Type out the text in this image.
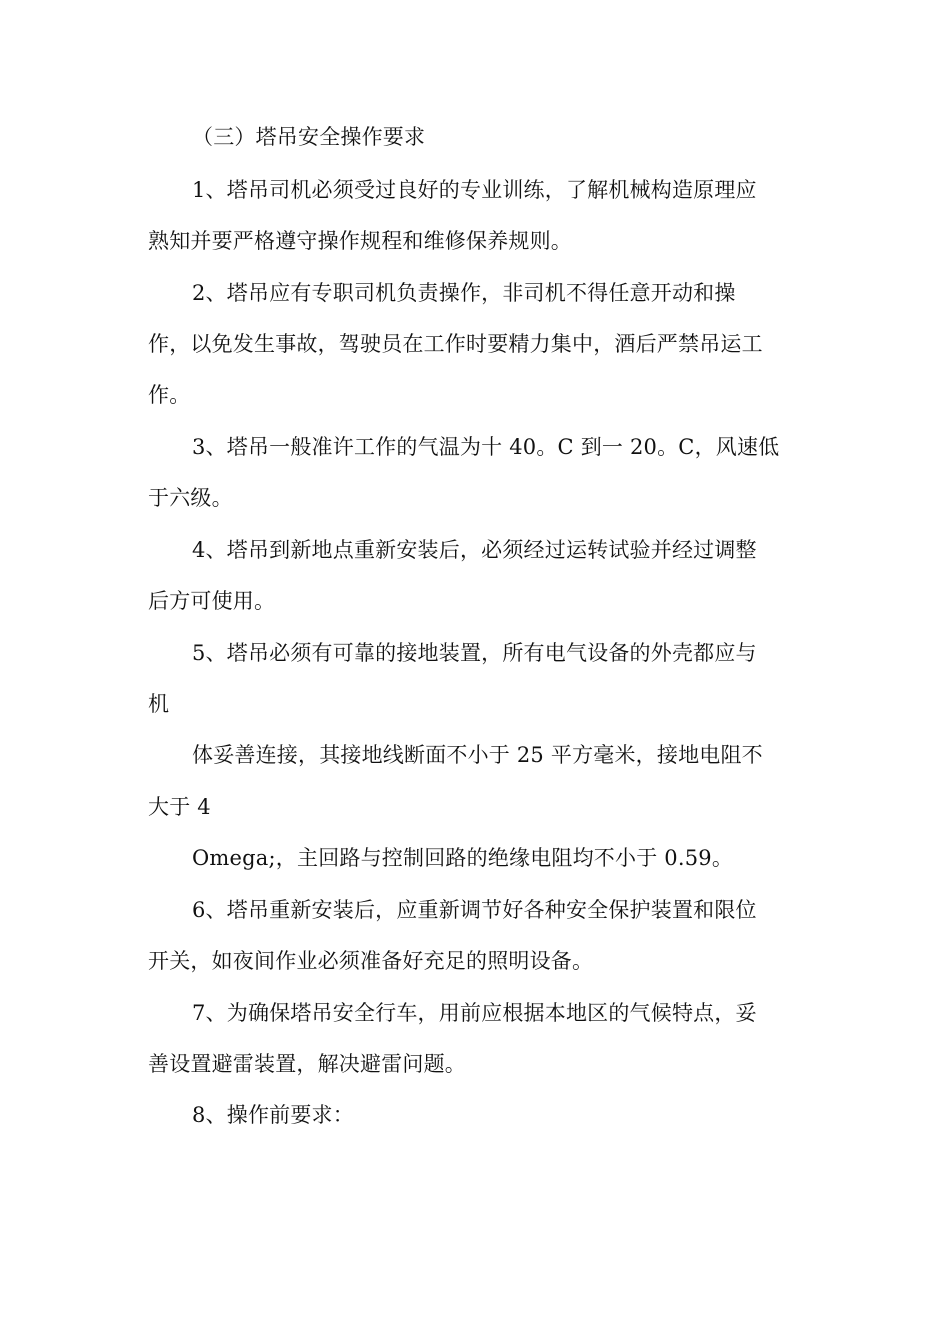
（三）塔吊安全操作要求

1、塔吊司机必须受过良好的专业训练，了解机械构造原理应

熟知并要严格遵守操作规程和维修保养规则。

2、塔吊应有专职司机负责操作，非司机不得任意开动和操

作，以免发生事故，驾驶员在工作时要精力集中，酒后严禁吊运工

作。

3、塔吊一般准许工作的气温为十 40。C 到一 20。C，风速低

于六级。

4、塔吊到新地点重新安装后，必须经过运转试验并经过调整

后方可使用。

5、塔吊必须有可靠的接地装置，所有电气设备的外壳都应与

机

体妥善连接，其接地线断面不小于 25 平方毫米，接地电阻不

大于 4

Omega;，主回路与控制回路的绝缘电阻均不小于 0.59。

6、塔吊重新安装后，应重新调节好各种安全保护装置和限位

开关，如夜间作业必须准备好充足的照明设备。

7、为确保塔吊安全行车，用前应根据本地区的气候特点，妥

善设置避雷装置，解决避雷问题。

8、操作前要求：
